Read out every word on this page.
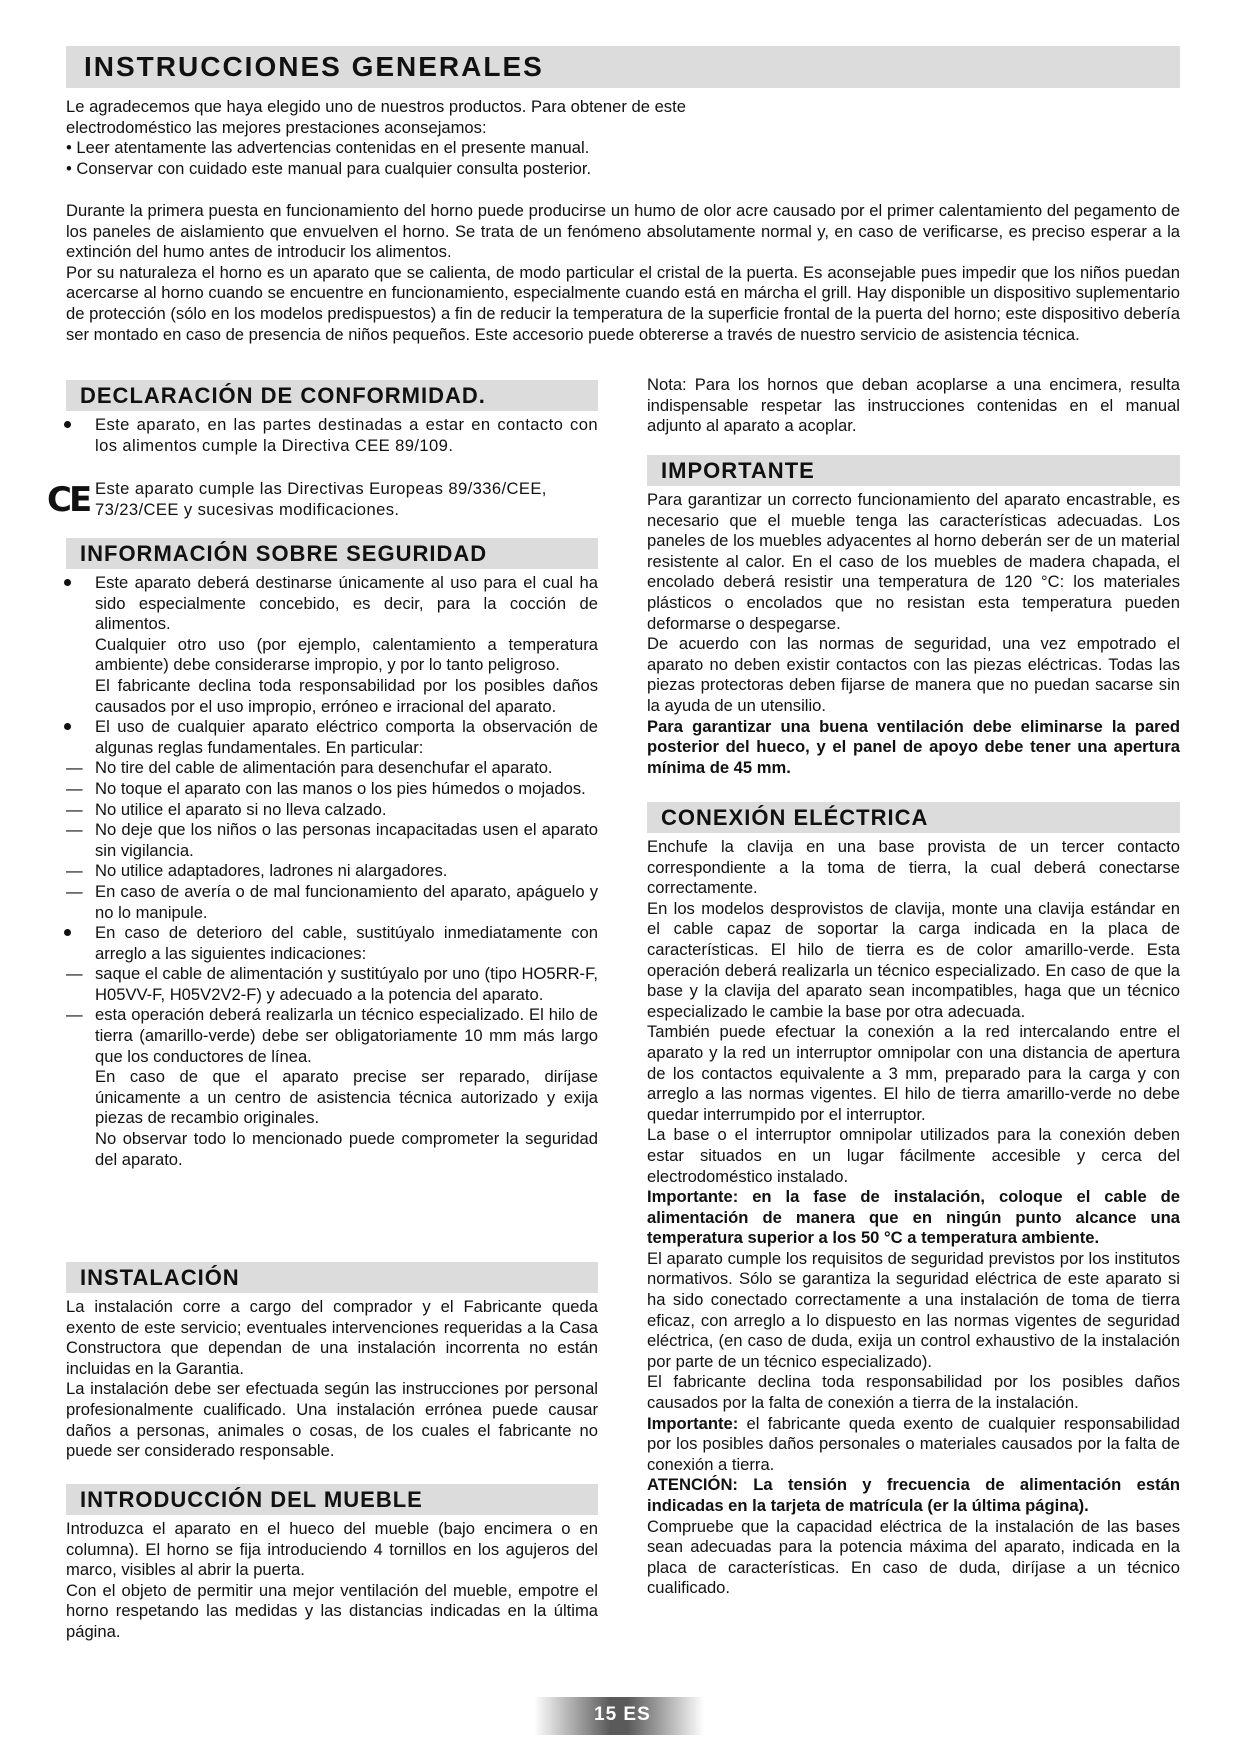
INSTRUCCIONES GENERALES
Le agradecemos que haya elegido uno de nuestros productos. Para obtener de este electrodoméstico las mejores prestaciones aconsejamos:
• Leer atentamente las advertencias contenidas en el presente manual.
• Conservar con cuidado este manual para cualquier consulta posterior.
Durante la primera puesta en funcionamiento del horno puede producirse un humo de olor acre causado por el primer calentamiento del pegamento de los paneles de aislamiento que envuelven el horno. Se trata de un fenómeno absolutamente normal y, en caso de verificarse, es preciso esperar a la extinción del humo antes de introducir los alimentos.
Por su naturaleza el horno es un aparato que se calienta, de modo particular el cristal de la puerta. Es aconsejable pues impedir que los niños puedan acercarse al horno cuando se encuentre en funcionamiento, especialmente cuando está en márcha el grill. Hay disponible un dispositivo suplementario de protección (sólo en los modelos predispuestos) a fin de reducir la temperatura de la superficie frontal de la puerta del horno; este dispositivo debería ser montado en caso de presencia de niños pequeños. Este accesorio puede obtererse a través de nuestro servicio de asistencia técnica.
DECLARACIÓN DE CONFORMIDAD.
Este aparato, en las partes destinadas a estar en contacto con los alimentos cumple la Directiva CEE 89/109.
CE Este aparato cumple las Directivas Europeas 89/336/CEE, 73/23/CEE y sucesivas modificaciones.
INFORMACIÓN SOBRE SEGURIDAD
Este aparato deberá destinarse únicamente al uso para el cual ha sido especialmente concebido, es decir, para la cocción de alimentos.
Cualquier otro uso (por ejemplo, calentamiento a temperatura ambiente) debe considerarse impropio, y por lo tanto peligroso.
El fabricante declina toda responsabilidad por los posibles daños causados por el uso impropio, erróneo e irracional del aparato.
El uso de cualquier aparato eléctrico comporta la observación de algunas reglas fundamentales. En particular:
— No tire del cable de alimentación para desenchufar el aparato.
— No toque el aparato con las manos o los pies húmedos o mojados.
— No utilice el aparato si no lleva calzado.
— No deje que los niños o las personas incapacitadas usen el aparato sin vigilancia.
— No utilice adaptadores, ladrones ni alargadores.
— En caso de avería o de mal funcionamiento del aparato, apáguelo y no lo manipule.
En caso de deterioro del cable, sustitúyalo inmediatamente con arreglo a las siguientes indicaciones:
— saque el cable de alimentación y sustitúyalo por uno (tipo HO5RR-F, H05VV-F, H05V2V2-F) y adecuado a la potencia del aparato.
— esta operación deberá realizarla un técnico especializado. El hilo de tierra (amarillo-verde) debe ser obligatoriamente 10 mm más largo que los conductores de línea.
En caso de que el aparato precise ser reparado, diríjase únicamente a un centro de asistencia técnica autorizado y exija piezas de recambio originales.
No observar todo lo mencionado puede comprometer la seguridad del aparato.
INSTALACIÓN
La instalación corre a cargo del comprador y el Fabricante queda exento de este servicio; eventuales intervenciones requeridas a la Casa Constructora que dependan de una instalación incorrenta no están incluidas en la Garantia.
La instalación debe ser efectuada según las instrucciones por personal profesionalmente cualificado. Una instalación errónea puede causar daños a personas, animales o cosas, de los cuales el fabricante no puede ser considerado responsable.
INTRODUCCIÓN DEL MUEBLE
Introduzca el aparato en el hueco del mueble (bajo encimera o en columna). El horno se fija introduciendo 4 tornillos en los agujeros del marco, visibles al abrir la puerta.
Con el objeto de permitir una mejor ventilación del mueble, empotre el horno respetando las medidas y las distancias indicadas en la última página.
Nota: Para los hornos que deban acoplarse a una encimera, resulta indispensable respetar las instrucciones contenidas en el manual adjunto al aparato a acoplar.
IMPORTANTE
Para garantizar un correcto funcionamiento del aparato encastrable, es necesario que el mueble tenga las características adecuadas. Los paneles de los muebles adyacentes al horno deberán ser de un material resistente al calor. En el caso de los muebles de madera chapada, el encolado deberá resistir una temperatura de 120 °C: los materiales plásticos o encolados que no resistan esta temperatura pueden deformarse o despegarse.
De acuerdo con las normas de seguridad, una vez empotrado el aparato no deben existir contactos con las piezas eléctricas. Todas las piezas protectoras deben fijarse de manera que no puedan sacarse sin la ayuda de un utensilio.
Para garantizar una buena ventilación debe eliminarse la pared posterior del hueco, y el panel de apoyo debe tener una apertura mínima de 45 mm.
CONEXIÓN ELÉCTRICA
Enchufe la clavija en una base provista de un tercer contacto correspondiente a la toma de tierra, la cual deberá conectarse correctamente.
En los modelos desprovistos de clavija, monte una clavija estándar en el cable capaz de soportar la carga indicada en la placa de características. El hilo de tierra es de color amarillo-verde. Esta operación deberá realizarla un técnico especializado. En caso de que la base y la clavija del aparato sean incompatibles, haga que un técnico especializado le cambie la base por otra adecuada.
También puede efectuar la conexión a la red intercalando entre el aparato y la red un interruptor omnipolar con una distancia de apertura de los contactos equivalente a 3 mm, preparado para la carga y con arreglo a las normas vigentes. El hilo de tierra amarillo-verde no debe quedar interrumpido por el interruptor.
La base o el interruptor omnipolar utilizados para la conexión deben estar situados en un lugar fácilmente accesible y cerca del electrodoméstico instalado.
Importante: en la fase de instalación, coloque el cable de alimentación de manera que en ningún punto alcance una temperatura superior a los 50 °C a temperatura ambiente.
El aparato cumple los requisitos de seguridad previstos por los institutos normativos. Sólo se garantiza la seguridad eléctrica de este aparato si ha sido conectado correctamente a una instalación de toma de tierra eficaz, con arreglo a lo dispuesto en las normas vigentes de seguridad eléctrica, (en caso de duda, exija un control exhaustivo de la instalación por parte de un técnico especializado).
El fabricante declina toda responsabilidad por los posibles daños causados por la falta de conexión a tierra de la instalación.
Importante: el fabricante queda exento de cualquier responsabilidad por los posibles daños personales o materiales causados por la falta de conexión a tierra.
ATENCIÓN: La tensión y frecuencia de alimentación están indicadas en la tarjeta de matrícula (er la última página).
Compruebe que la capacidad eléctrica de la instalación de las bases sean adecuadas para la potencia máxima del aparato, indicada en la placa de características. En caso de duda, diríjase a un técnico cualificado.
15 ES
